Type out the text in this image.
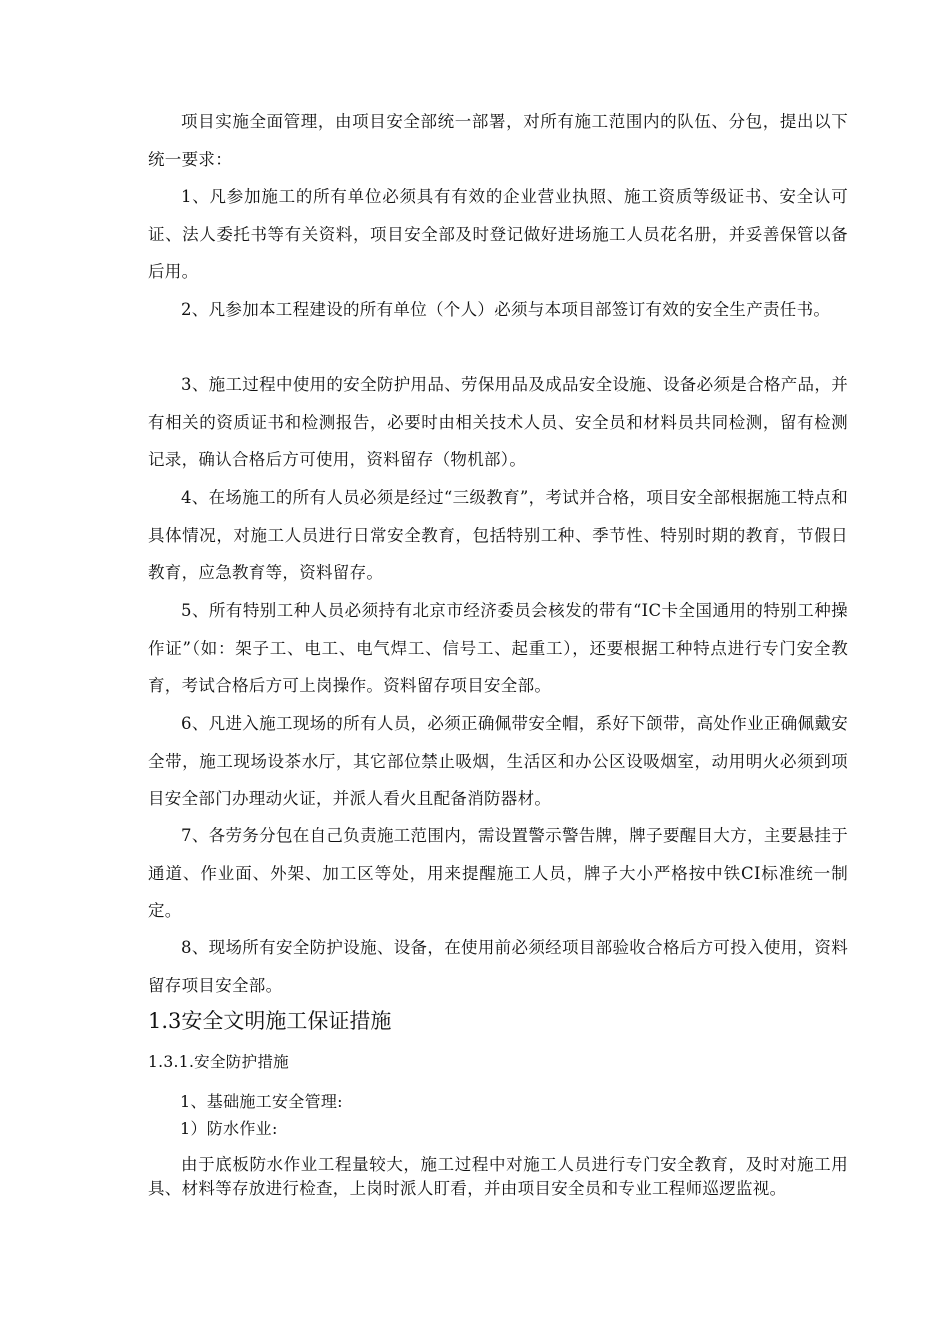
项目实施全面管理，由项目安全部统一部署，对所有施工范围内的队伍、分包，提出以下统一要求：

1、凡参加施工的所有单位必须具有有效的企业营业执照、施工资质等级证书、安全认可证、法人委托书等有关资料，项目安全部及时登记做好进场施工人员花名册，并妥善保管以备后用。

2、凡参加本工程建设的所有单位（个人）必须与本项目部签订有效的安全生产责任书。

3、施工过程中使用的安全防护用品、劳保用品及成品安全设施、设备必须是合格产品，并有相关的资质证书和检测报告，必要时由相关技术人员、安全员和材料员共同检测，留有检测记录，确认合格后方可使用，资料留存（物机部）。

4、在场施工的所有人员必须是经过“三级教育”，考试并合格，项目安全部根据施工特点和具体情况，对施工人员进行日常安全教育，包括特别工种、季节性、特别时期的教育，节假日教育，应急教育等，资料留存。

5、所有特别工种人员必须持有北京市经济委员会核发的带有“IC卡全国通用的特别工种操作证”（如：架子工、电工、电气焊工、信号工、起重工），还要根据工种特点进行专门安全教育，考试合格后方可上岗操作。资料留存项目安全部。

6、凡进入施工现场的所有人员，必须正确佩带安全帽，系好下颌带，高处作业正确佩戴安全带，施工现场设茶水厅，其它部位禁止吸烟，生活区和办公区设吸烟室，动用明火必须到项目安全部门办理动火证，并派人看火且配备消防器材。

7、各劳务分包在自己负责施工范围内，需设置警示警告牌，牌子要醒目大方，主要悬挂于通道、作业面、外架、加工区等处，用来提醒施工人员，牌子大小严格按中铁CI标准统一制定。

8、现场所有安全防护设施、设备，在使用前必须经项目部验收合格后方可投入使用，资料留存项目安全部。

1.3安全文明施工保证措施
1.3.1.安全防护措施

1、基础施工安全管理:

1）防水作业:

由于底板防水作业工程量较大，施工过程中对施工人员进行专门安全教育，及时对施工用具、材料等存放进行检查，上岗时派人盯看，并由项目安全员和专业工程师巡逻监视。
